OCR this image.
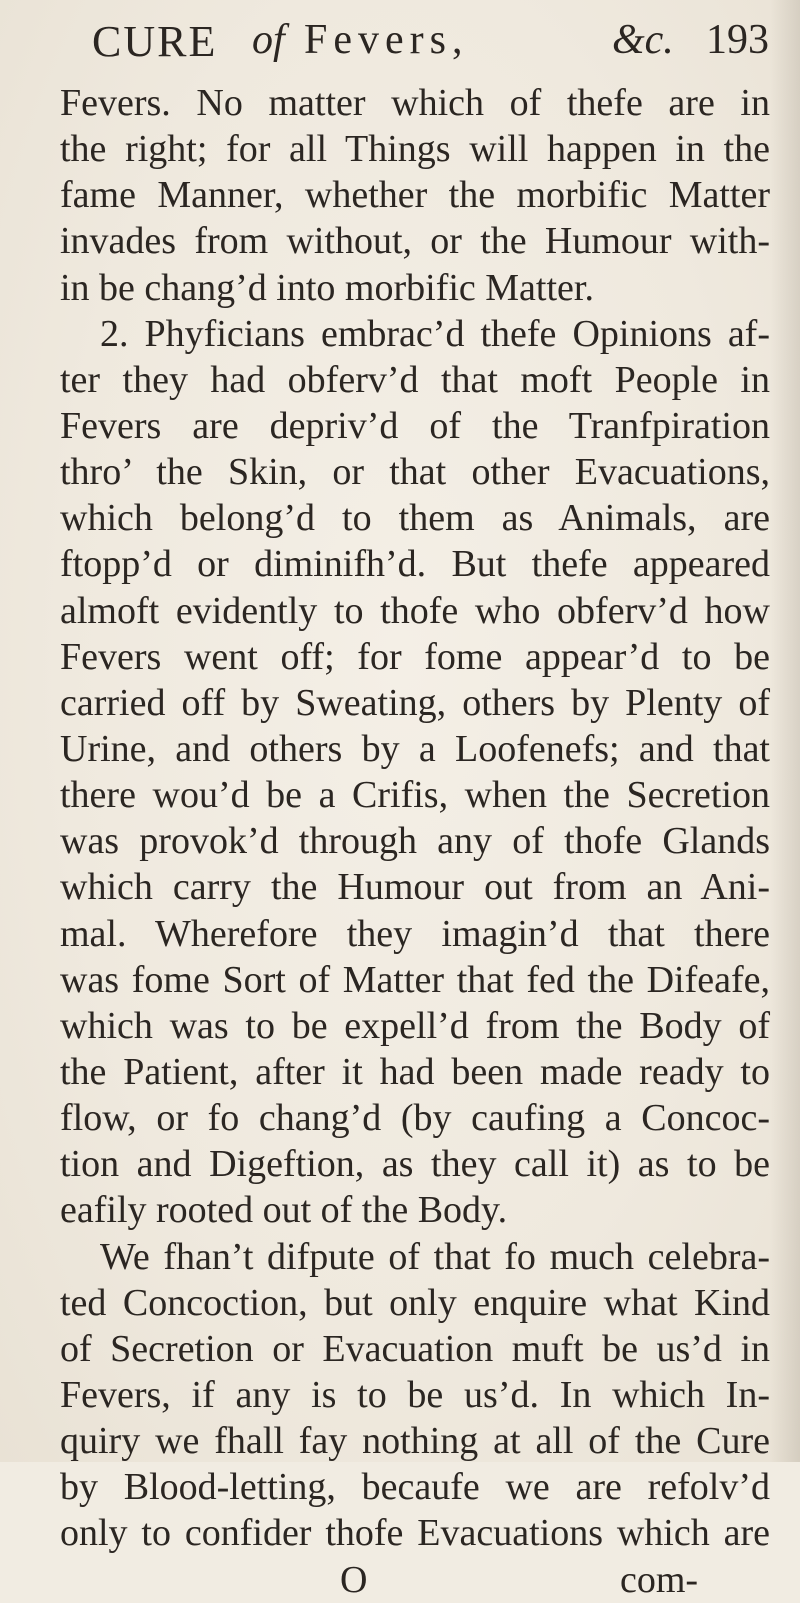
CURE of Fevers,	&c. 193
Fevers. No matter which of thefe are in
the right; for all Things will happen in the
fame Manner, whether the morbific Matter
invades from without, or the Humour with-
in be chang’d into morbific Matter.
2. Phyficians embrac’d thefe Opinions af-
ter they had obferv’d that moft People in
Fevers are depriv’d of the Tranfpiration
thro’ the Skin, or that other Evacuations,
which belong’d to them as Animals, are
ftopp’d or diminifh’d. But thefe appeared
almoft evidently to thofe who obferv’d how
Fevers went off; for fome appear’d to be
carried off by Sweating, others by Plenty of
Urine, and others by a Loofenefs; and that
there wou’d be a Crifis, when the Secretion
was provok’d through any of thofe Glands
which carry the Humour out from an Ani-
mal. Wherefore they imagin’d that there
was fome Sort of Matter that fed the Difeafe,
which was to be expell’d from the Body of
the Patient, after it had been made ready to
flow, or fo chang’d (by caufing a Concoc-
tion and Digeftion, as they call it) as to be
eafily rooted out of the Body.
We fhan’t difpute of that fo much celebra-
ted Concoction, but only enquire what Kind
of Secretion or Evacuation muft be us’d in
Fevers, if any is to be us’d. In which In-
quiry we fhall fay nothing at all of the Cure
by Blood-letting, becaufe we are refolv’d
only to confider thofe Evacuations which are
O	com-
